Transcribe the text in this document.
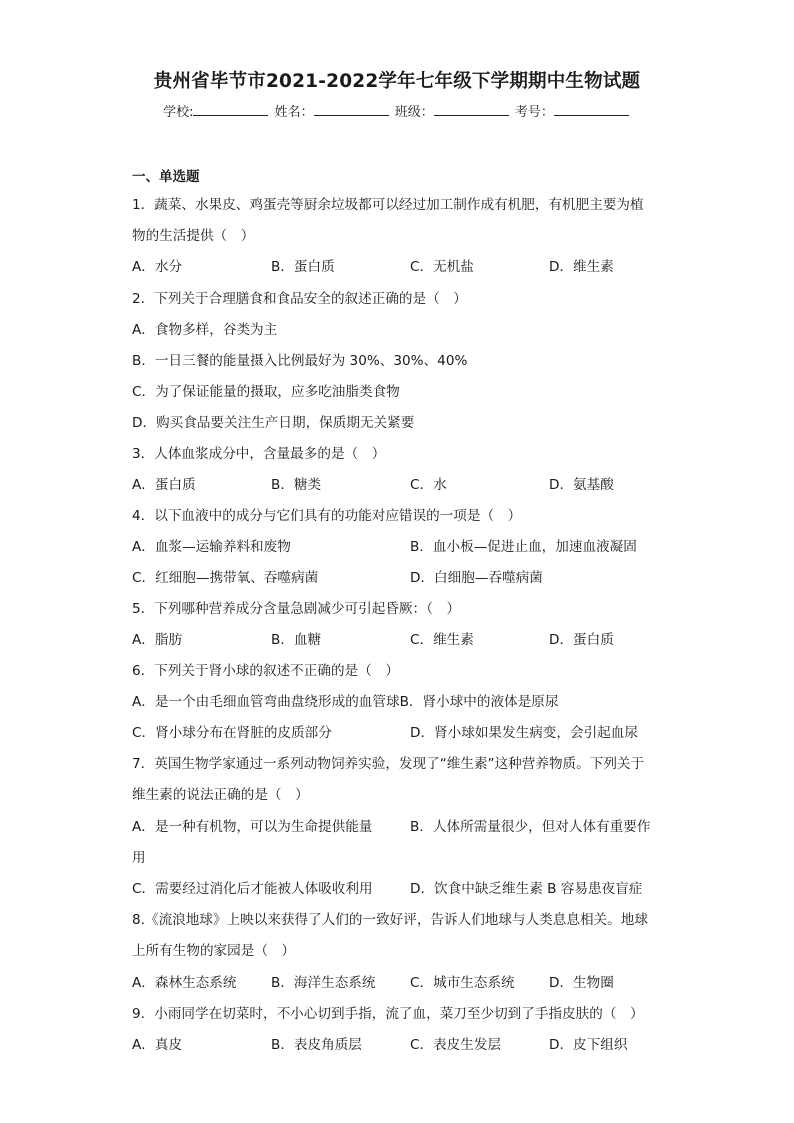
贵州省毕节市2021-2022学年七年级下学期期中生物试题
学校:	姓名：	班级：	考号：
一、单选题
1．蔬菜、水果皮、鸡蛋壳等厨余垃圾都可以经过加工制作成有机肥，有机肥主要为植
物的生活提供（　）
A．水分	B．蛋白质	C．无机盐	D．维生素
2．下列关于合理膳食和食品安全的叙述正确的是（　）
A．食物多样，谷类为主
B．一日三餐的能量摄入比例最好为 30%、30%、40%
C．为了保证能量的摄取，应多吃油脂类食物
D．购买食品要关注生产日期，保质期无关紧要
3．人体血浆成分中，含量最多的是（　）
A．蛋白质	B．糖类	C．水	D．氨基酸
4．以下血液中的成分与它们具有的功能对应错误的一项是（　）
A．血浆—运输养料和废物	B．血小板—促进止血，加速血液凝固
C．红细胞—携带氧、吞噬病菌	D．白细胞—吞噬病菌
5．下列哪种营养成分含量急剧减少可引起昏厥：（　）
A．脂肪	B．血糖	C．维生素	D．蛋白质
6．下列关于肾小球的叙述不正确的是（　）
A．是一个由毛细血管弯曲盘绕形成的血管球B．肾小球中的液体是原尿
C．肾小球分布在肾脏的皮质部分	D．肾小球如果发生病变，会引起血尿
7．英国生物学家通过一系列动物饲养实验，发现了“维生素”这种营养物质。下列关于
维生素的说法正确的是（　）
A．是一种有机物，可以为生命提供能量	B．人体所需量很少，但对人体有重要作
用
C．需要经过消化后才能被人体吸收利用	D．饮食中缺乏维生素 B 容易患夜盲症
8.《流浪地球》上映以来获得了人们的一致好评，告诉人们地球与人类息息相关。地球
上所有生物的家园是（　）
A．森林生态系统	B．海洋生态系统	C．城市生态系统	D．生物圈
9．小雨同学在切菜时，不小心切到手指，流了血，菜刀至少切到了手指皮肤的（　）
A．真皮	B．表皮角质层	C．表皮生发层	D．皮下组织
